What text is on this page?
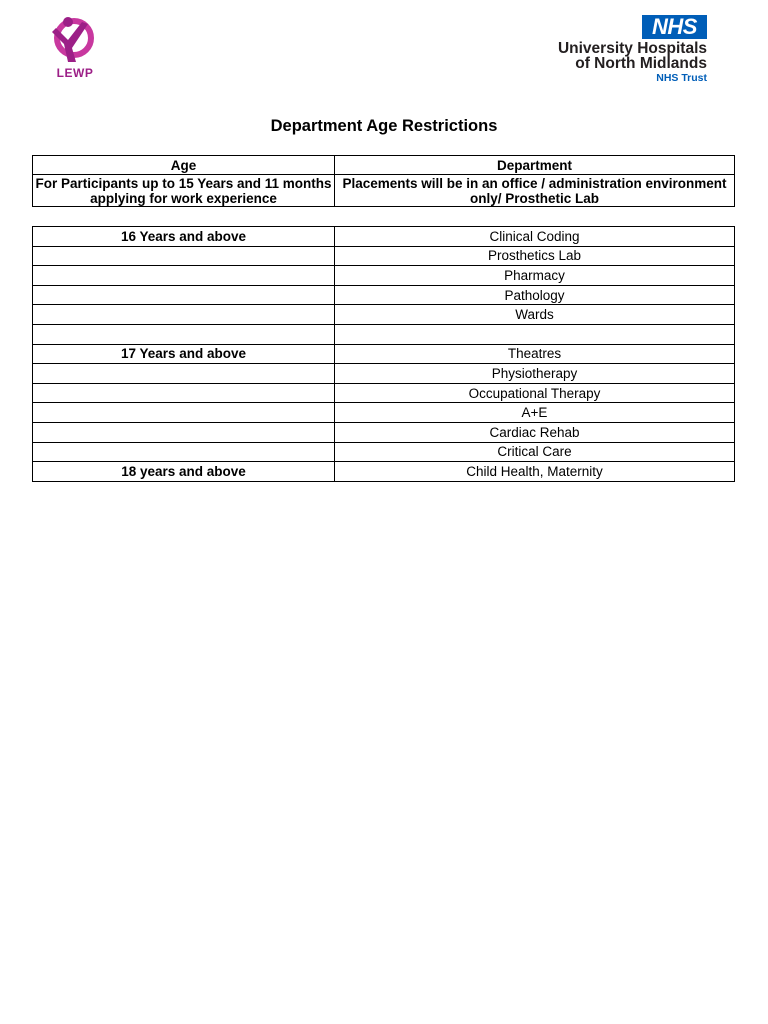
LEWP
NHS
University Hospitals
of North Midlands
NHS Trust
Department Age Restrictions
Age	Department
For Participants up to 15 Years and 11 months applying for work experience	Placements will be in an office / administration environment only/ Prosthetic Lab
16 Years and above	Clinical Coding
	Prosthetics Lab
	Pharmacy
	Pathology
	Wards

17 Years and above	Theatres
	Physiotherapy
	Occupational Therapy
	A+E
	Cardiac Rehab
	Critical Care
18 years and above	Child Health, Maternity
